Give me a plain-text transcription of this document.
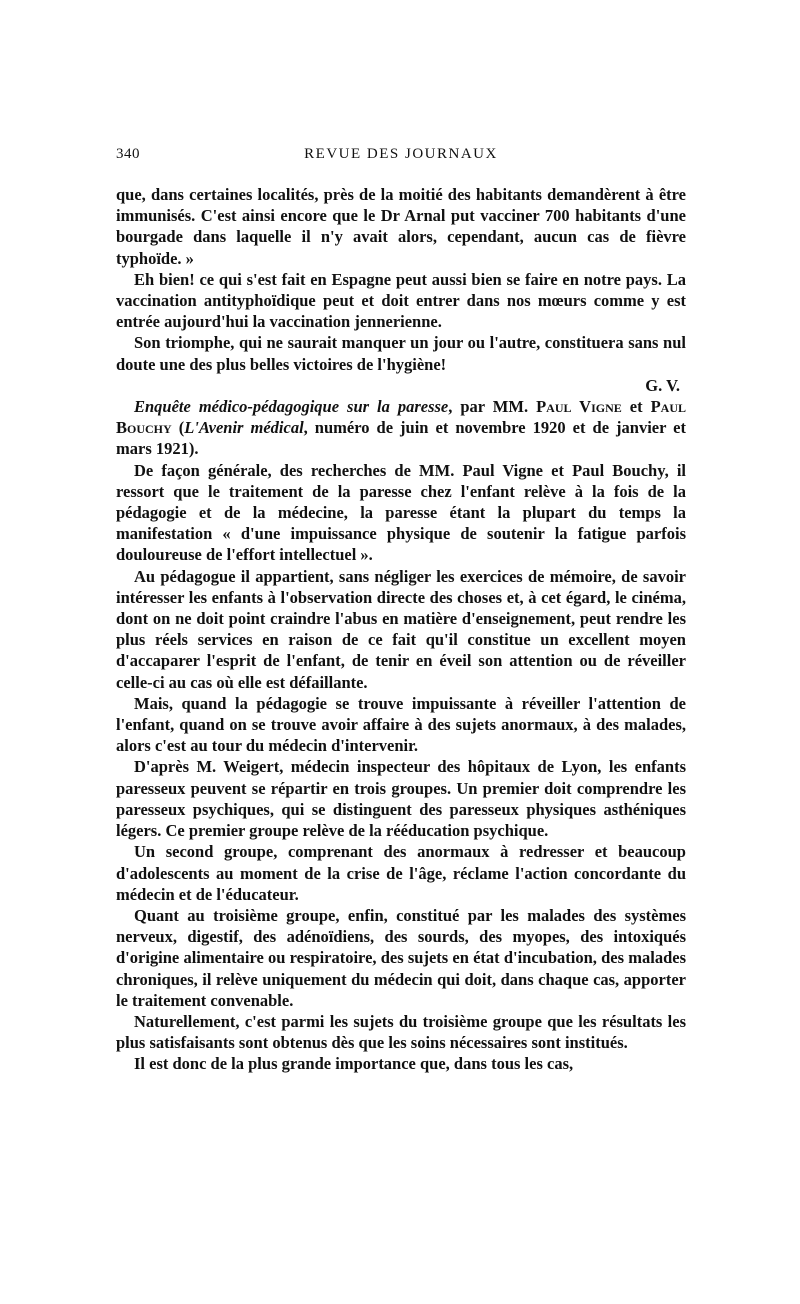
340	REVUE DES JOURNAUX

que, dans certaines localités, près de la moitié des habitants demandèrent à être immunisés. C'est ainsi encore que le Dr Arnal put vacciner 700 habitants d'une bourgade dans laquelle il n'y avait alors, cependant, aucun cas de fièvre typhoïde. »

Eh bien! ce qui s'est fait en Espagne peut aussi bien se faire en notre pays. La vaccination antityphoïdique peut et doit entrer dans nos mœurs comme y est entrée aujourd'hui la vaccination jennerienne.

Son triomphe, qui ne saurait manquer un jour ou l'autre, constituera sans nul doute une des plus belles victoires de l'hygiène!

G. V.

Enquête médico-pédagogique sur la paresse, par MM. Paul Vigne et Paul Bouchy (L'Avenir médical, numéro de juin et novembre 1920 et de janvier et mars 1921).

De façon générale, des recherches de MM. Paul Vigne et Paul Bouchy, il ressort que le traitement de la paresse chez l'enfant relève à la fois de la pédagogie et de la médecine, la paresse étant la plupart du temps la manifestation « d'une impuissance physique de soutenir la fatigue parfois douloureuse de l'effort intellectuel ».

Au pédagogue il appartient, sans négliger les exercices de mémoire, de savoir intéresser les enfants à l'observation directe des choses et, à cet égard, le cinéma, dont on ne doit point craindre l'abus en matière d'enseignement, peut rendre les plus réels services en raison de ce fait qu'il constitue un excellent moyen d'accaparer l'esprit de l'enfant, de tenir en éveil son attention ou de réveiller celle-ci au cas où elle est défaillante.

Mais, quand la pédagogie se trouve impuissante à réveiller l'attention de l'enfant, quand on se trouve avoir affaire à des sujets anormaux, à des malades, alors c'est au tour du médecin d'intervenir.

D'après M. Weigert, médecin inspecteur des hôpitaux de Lyon, les enfants paresseux peuvent se répartir en trois groupes. Un premier doit comprendre les paresseux psychiques, qui se distinguent des paresseux physiques asthéniques légers. Ce premier groupe relève de la rééducation psychique.

Un second groupe, comprenant des anormaux à redresser et beaucoup d'adolescents au moment de la crise de l'âge, réclame l'action concordante du médecin et de l'éducateur.

Quant au troisième groupe, enfin, constitué par les malades des systèmes nerveux, digestif, des adénoïdiens, des sourds, des myopes, des intoxiqués d'origine alimentaire ou respiratoire, des sujets en état d'incubation, des malades chroniques, il relève uniquement du médecin qui doit, dans chaque cas, apporter le traitement convenable.

Naturellement, c'est parmi les sujets du troisième groupe que les résultats les plus satisfaisants sont obtenus dès que les soins nécessaires sont institués.

Il est donc de la plus grande importance que, dans tous les cas,
